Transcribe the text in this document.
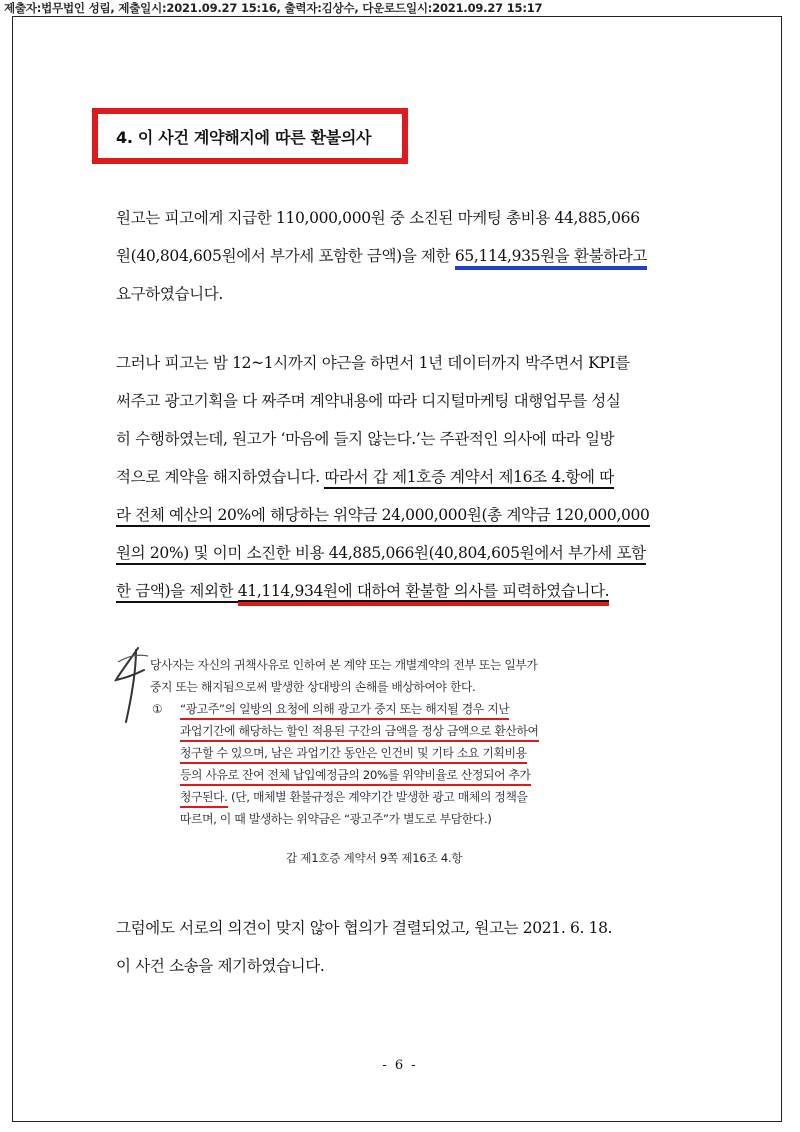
제출자:법무법인 성림, 제출일시:2021.09.27 15:16, 출력자:김상수, 다운로드일시:2021.09.27 15:17
4. 이 사건 계약해지에 따른 환불의사
원고는 피고에게 지급한 110,000,000원 중 소진된 마케팅 총비용 44,885,066
원(40,804,605원에서 부가세 포함한 금액)을 제한 65,114,935원을 환불하라고
요구하였습니다.
그러나 피고는 밤 12~1시까지 야근을 하면서 1년 데이터까지 박주면서 KPI를
써주고 광고기획을 다 짜주며 계약내용에 따라 디지털마케팅 대행업무를 성실
히 수행하였는데, 원고가 ‘마음에 들지 않는다.’는 주관적인 의사에 따라 일방
적으로 계약을 해지하였습니다. 따라서 갑 제1호증 계약서 제16조 4.항에 따
라 전체 예산의 20%에 해당하는 위약금 24,000,000원(총 계약금 120,000,000
원의 20%) 및 이미 소진한 비용 44,885,066원(40,804,605원에서 부가세 포함
한 금액)을 제외한 41,114,934원에 대하여 환불할 의사를 피력하였습니다.
당사자는 자신의 귀책사유로 인하여 본 계약 또는 개별계약의 전부 또는 일부가
중지 또는 해지됨으로써 발생한 상대방의 손해를 배상하여야 한다.
① “광고주”의 일방의 요청에 의해 광고가 중지 또는 해지될 경우 지난
과업기간에 해당하는 할인 적용된 구간의 금액을 정상 금액으로 환산하여
청구할 수 있으며, 남은 과업기간 동안은 인건비 및 기타 소요 기획비용
등의 사유로 잔여 전체 납입예정금의 20%를 위약비율로 산정되어 추가
청구된다. (단, 매체별 환불규정은 계약기간 발생한 광고 매체의 정책을
따르며, 이 때 발생하는 위약금은 “광고주”가 별도로 부담한다.)
갑 제1호증 계약서 9쪽 제16조 4.항
그럼에도 서로의 의견이 맞지 않아 협의가 결렬되었고, 원고는 2021. 6. 18.
이 사건 소송을 제기하였습니다.
- 6 -
